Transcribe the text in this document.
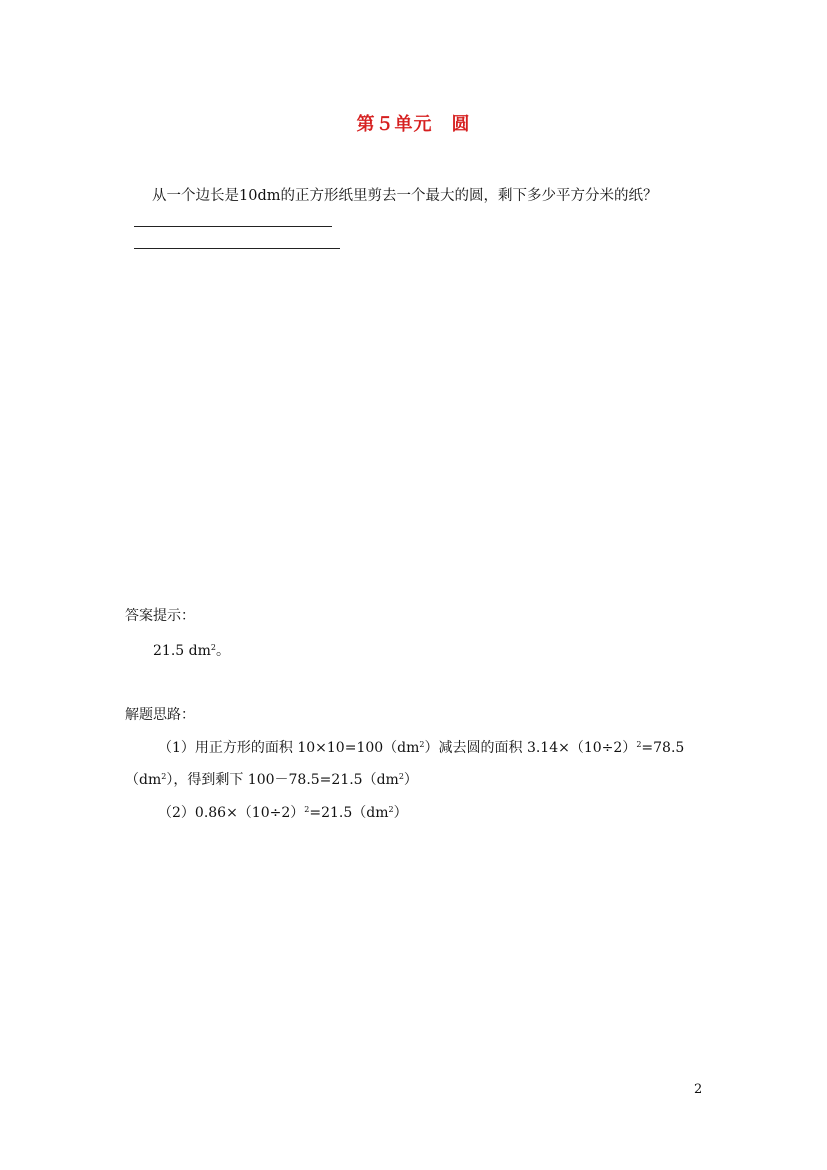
第５单元　圆
从一个边长是10dm的正方形纸里剪去一个最大的圆，剩下多少平方分米的纸？
答案提示：
21.5 $dm^2$。
解题思路：
（1）用正方形的面积 $10\times 10=100(dm^2)$减去圆的面积 $3.14\times(10\div 2)^2=78.5$
$(dm^2)$，得到剩下 $100-78.5=21.5(dm^2)$
$(2)0.86\times(10\div 2)^2=21.5(dm^2)$
2
